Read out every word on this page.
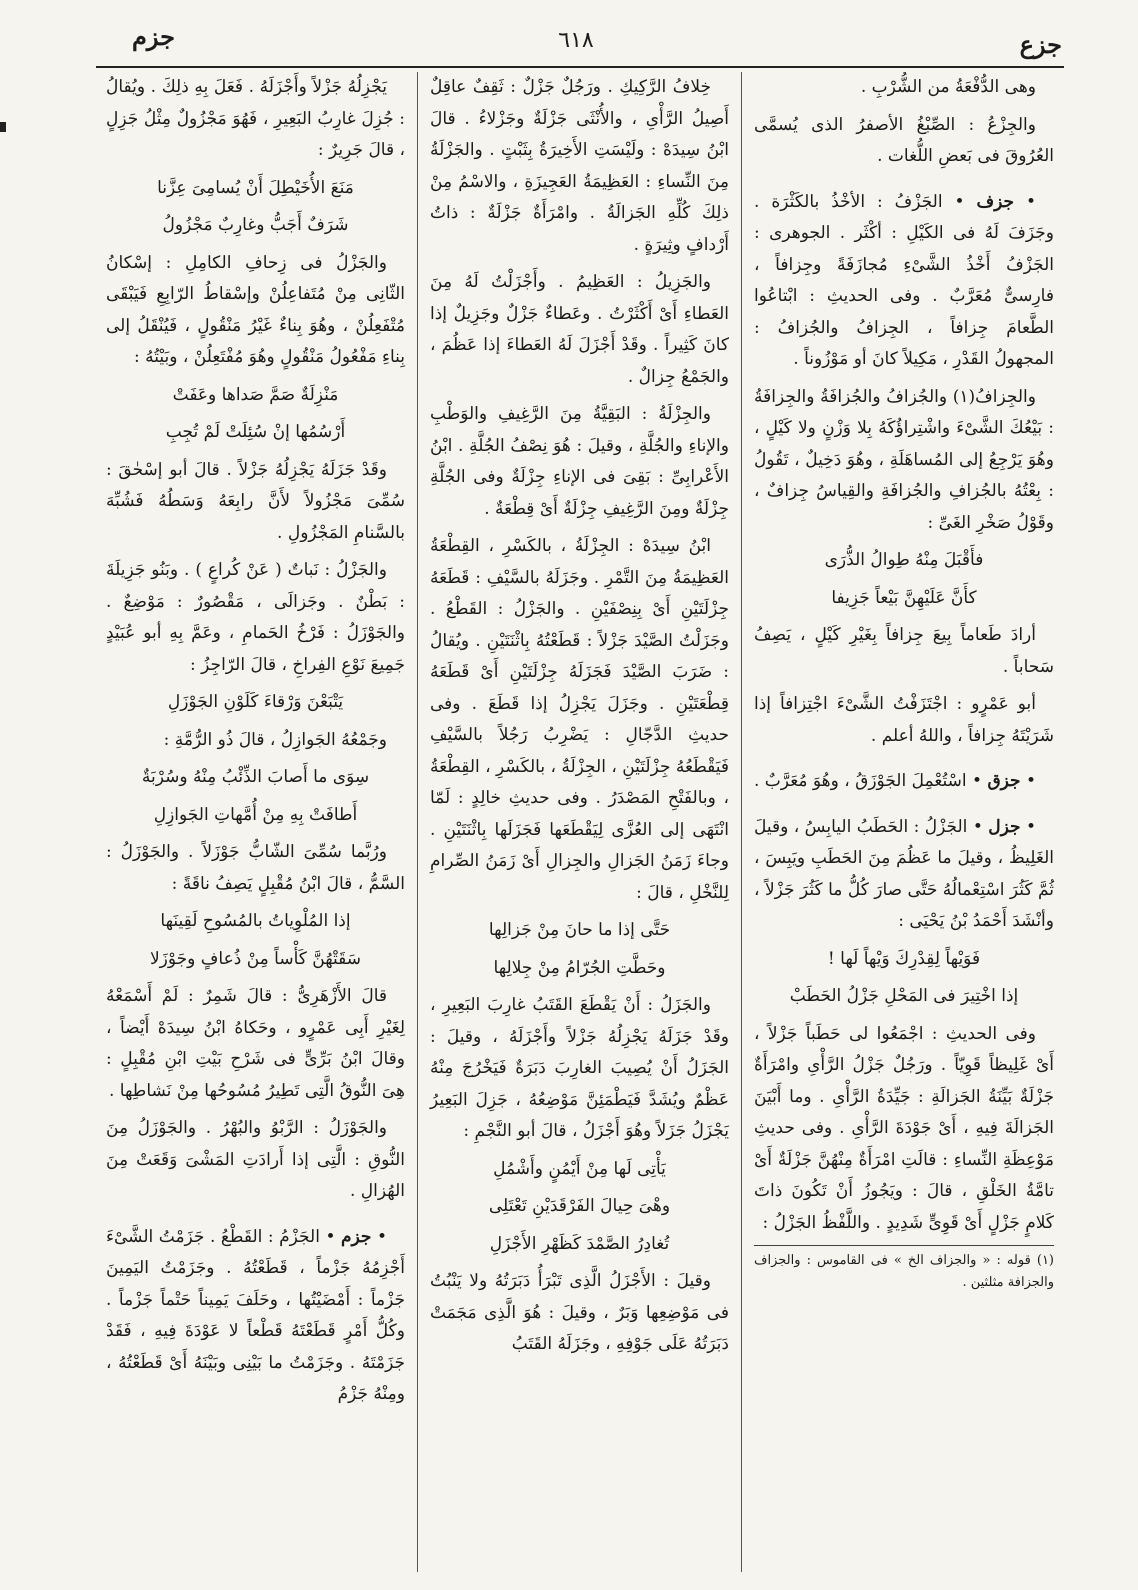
جزع
٦١٨
جزم

وهى الدُّفْعَةُ من الشُّرْبِ .

والجِزْعُ : الصِّبْغُ الأصفرُ الذى يُسمَّى العُرُوقَ فى بَعضِ اللُّغات .

• جزف • الجَزْفُ : الأخْذُ بالكَثْرَة . وجَزَفَ لَهُ فى الكَيْلِ : أكْثَر . الجوهرى : الجَزْفُ أَخْذُ الشَّىْءِ مُجازَفَةً وجِزافاً ، فارِسىٌّ مُعَرَّبٌ . وفى الحديثِ : ابْتاعُوا الطَّعامَ جِزافاً ، الجِزافُ والجُزافُ : المجهولُ القَدْرِ ، مَكِيلاً كانَ أو مَوْزُوناً .

والجِزافُ(١) والجُزافُ والجُزافَةُ والجِزافَةُ : بَيْعُكَ الشَّىْءَ واشْتِراؤُكَهُ بِلا وَزْنٍ ولا كَيْلٍ ، وهُوَ يَرْجِعُ إلى المُساهَلَةِ ، وهُوَ دَخِيلٌ ، تَقُولُ : بِعْتُهُ بالجُزافِ والجُزافَةِ والقِياسُ جِزافٌ ، وقَوْلُ صَخْرِ الغَىِّ :

فأَقْبَلَ مِنْهُ طِوالُ الذُّرَى

كأَنَّ عَلَيْهِنَّ بَيْعاً جَزِيفا

أرادَ طَعاماً بِيعَ جِزافاً بِغَيْرِ كَيْلٍ ، يَصِفُ سَحاباً .

أبو عَمْرٍو : اجْتَزَفْتُ الشَّىْءَ اجْتِزافاً إذا شَرَيْتَهُ جِزافاً ، واللهُ أعلم .

• جزق • اسْتُعْمِلَ الجَوْزَقُ ، وهُوَ مُعَرَّبٌ .

• جزل • الجَزْلُ : الحَطَبُ اليابِسُ ، وقيلَ الغَلِيظُ ، وقيلَ ما عَظُمَ مِنَ الحَطَبِ ويَبِسَ ، ثُمَّ كَثُرَ اسْتِعْمالُهُ حَتَّى صارَ كُلُّ ما كَثُرَ جَزْلاً ، وأنْشَدَ أَحْمَدُ بْنُ يَحْيَى :

فَوَيْهاً لِقِدْرِكَ وَيْهاً لَها !

إذا اخْتِيرَ فى المَحْلِ جَزْلُ الحَطَبْ

وفى الحديثِ : اجْمَعُوا لى حَطَباً جَزْلاً ، أَىْ غَلِيظاً قَوِيّاً . ورَجُلٌ جَزْلُ الرَّأْىِ وامْرَأَةٌ جَزْلَةٌ بَيِّنَةُ الجَزالَةِ : جَيِّدَةُ الرَّأْىِ . وما أَبْيَنَ الجَزالَةَ فِيهِ ، أَىْ جَوْدَةَ الرَّأْىِ . وفى حديثِ مَوْعِظَةِ النِّساءِ : قالَتِ امْرَأَةٌ مِنْهُنَّ جَزْلَةٌ أَىْ تامَّةُ الخَلْقِ ، قالَ : ويَجُوزُ أَنْ تَكُونَ ذاتَ كَلامٍ جَزْلٍ أَىْ قَوِىٍّ شَدِيدٍ . واللَّفْظُ الجَزْلُ :

(١) قوله : « والجزاف الخ » فى القاموس : والجزاف والجزافة مثلثين .

خِلافُ الرَّكِيكِ . ورَجُلٌ جَزْلٌ : ثَقِفٌ عاقِلٌ أَصِيلُ الرَّأْىِ ، والأُنْثَى جَزْلَةٌ وجَزْلاءُ . قالَ ابْنُ سِيدَهْ : ولَيْسَتِ الأَخِيرَةُ بِثَبْتٍ . والجَزْلَةُ مِنَ النِّساءِ : العَظِيمَةُ العَجِيزَةِ ، والاسْمُ مِنْ ذلِكَ كُلِّهِ الجَزالَةُ . وامْرَأَةٌ جَزْلَةٌ : ذاتُ أَرْدافٍ وثِيرَةٍ .

والجَزِيلُ : العَظِيمُ . وأَجْزَلْتُ لَهُ مِنَ العَطاءِ أَىْ أَكْثَرْتُ . وعَطاءٌ جَزْلٌ وجَزِيلٌ إذا كانَ كَثِيراً . وقَدْ أَجْزَلَ لَهُ العَطاءَ إذا عَظُمَ ، والجَمْعُ جِزالٌ .

والجِزْلَةُ : البَقِيَّةُ مِنَ الرَّغِيفِ والوَطْبِ والإناءِ والجُلَّةِ ، وقيلَ : هُوَ نِصْفُ الجُلَّةِ . ابْنُ الأَعْرابِىِّ : بَقِىَ فى الإناءِ جِزْلَةٌ وفى الجُلَّةِ جِزْلَةٌ ومِنَ الرَّغِيفِ جِزْلَةٌ أَىْ قِطْعَةٌ .

ابْنُ سِيدَهْ : الجِزْلَةُ ، بالكَسْرِ ، القِطْعَةُ العَظِيمَةُ مِنَ التَّمْرِ . وجَزَلَهُ بالسَّيْفِ : قَطَعَهُ جِزْلَتَيْنِ أَىْ بِنِصْفَيْنِ . والجَزْلُ : القَطْعُ . وجَزَلْتُ الصَّيْدَ جَزْلاً : قَطَعْتُهُ بِاثْنَتَيْنِ . ويُقالُ : ضَرَبَ الصَّيْدَ فَجَزَلَهُ جِزْلَتَيْنِ أَىْ قَطَعَهُ قِطْعَتَيْنِ . وجَزَلَ يَجْزِلُ إذا قَطَعَ . وفى حديثِ الدَّجّالِ : يَضْرِبُ رَجُلاً بالسَّيْفِ فَيَقْطَعُهُ جِزْلَتَيْنِ ، الجِزْلَةُ ، بالكَسْرِ ، القِطْعَةُ ، وبالفَتْحِ المَصْدَرُ . وفى حديثِ خالِدٍ : لَمّا انْتَهَى إلى العُزَّى لِيَقْطَعَها فَجَزَلَها بِاثْنَتَيْنِ . وجاءَ زَمَنُ الجَزالِ والجِزالِ أَىْ زَمَنُ الصِّرامِ لِلنَّخْلِ ، قالَ :

حَتَّى إذا ما حانَ مِنْ جَزالِها

وحَطَّتِ الجُرّامُ مِنْ جِلالِها

والجَزَلُ : أَنْ يَقْطَعَ القَتَبُ غارِبَ البَعِيرِ ، وقَدْ جَزَلَهُ يَجْزِلُهُ جَزْلاً وأَجْزَلَهُ ، وقيلَ : الجَزَلُ أَنْ يُصِيبَ الغارِبَ دَبَرَةٌ فَيَخْرُجَ مِنْهُ عَظْمٌ ويُشَدَّ فَيَطْمَئِنَّ مَوْضِعُهُ ، جَزِلَ البَعِيرُ يَجْزَلُ جَزَلاً وهُوَ أَجْزَلُ ، قالَ أبو النَّجْمِ :

يَأْتِى لَها مِنْ أَيْمُنٍ وأَشْمُلِ

وهْىَ حِيالَ الفَرْقَدَيْنِ تَعْتَلِى

تُغادِرُ الصَّمْدَ كَظَهْرِ الأَجْزَلِ

وقيلَ : الأَجْزَلُ الَّذِى تَبْرَأُ دَبَرَتُهُ ولا يَنْبُتُ فى مَوْضِعِها وَبَرٌ ، وقيلَ : هُوَ الَّذِى مَجَمَتْ دَبَرَتُهُ عَلَى جَوْفِهِ ، وجَزَلَهُ القَتَبُ

يَجْزِلُهُ جَزْلاً وأَجْزَلَهُ . فَعَلَ بِهِ ذلِكَ . ويُقالُ : جُزِلَ غارِبُ البَعِيرِ ، فَهُوَ مَجْزُولٌ مِثْلُ جَزِلٍ ، قالَ جَرِيرٌ :

مَنَعَ الأُخَيْطِلَ أَنْ يُسامِىَ عِزَّنا

شَرَفٌ أَجَبُّ وغارِبٌ مَجْزُولُ

والجَزْلُ فى زِحافِ الكامِلِ : إسْكانُ الثّانِى مِنْ مُتَفاعِلُنْ وإسْقاطُ الرّابِعِ فَيَبْقَى مُتْفَعِلُنْ ، وهُوَ بِناءٌ غَيْرُ مَنْقُولٍ ، فَيُنْقَلُ إلى بِناءِ مَفْعُولُ مَنْقُولٍ وهُوَ مُفْتَعِلُنْ ، وبَيْتُهُ :

مَنْزِلَةٌ صَمَّ صَداها وعَفَتْ

أَرْسُمُها إنْ سُئِلَتْ لَمْ تُجِبِ

وقَدْ جَزَلَهُ يَجْزِلُهُ جَزْلاً . قالَ أبو إسْحٰقَ : سُمِّىَ مَجْزُولاً لأَنَّ رابِعَهُ وَسَطُهُ فَشُبِّهَ بالسَّنامِ المَجْزُولِ .

والجَزْلُ : نَباتٌ ( عَنْ كُراعٍ ) . وبَنُو جَزِيلَةَ : بَطْنٌ . وجَزالَى ، مَقْصُورٌ : مَوْضِعٌ . والجَوْزَلُ : فَرْخُ الحَمامِ ، وعَمَّ بِهِ أبو عُبَيْدٍ جَمِيعَ نَوْعِ الفِراخِ ، قالَ الرّاجِزُ :

يَتْبَعْنَ وَرْقاءَ كَلَوْنِ الجَوْزَلِ

وجَمْعُهُ الجَوازِلُ ، قالَ ذُو الرُّمَّةِ :

سِوَى ما أَصابَ الذِّئْبُ مِنْهُ وسُرْبَةٌ

أَطافَتْ بِهِ مِنْ أُمَّهاتِ الجَوازِلِ

ورُبَّما سُمِّىَ الشّابُّ جَوْزَلاً . والجَوْزَلُ : السَّمُّ ، قالَ ابْنُ مُقْبِلٍ يَصِفُ ناقَةً :

إذا المُلْوِياتُ بالمُسُوحِ لَقِينَها

سَقَتْهُنَّ كَأْساً مِنْ ذُعافٍ وجَوْزَلا

قالَ الأَزْهَرِىُّ : قالَ شَمِرٌ : لَمْ أَسْمَعْهُ لِغَيْرِ أَبِى عَمْرٍو ، وحَكاهُ ابْنُ سِيدَهْ أَيْضاً ، وقالَ ابْنُ بَرِّىٍّ فى شَرْحِ بَيْتِ ابْنِ مُقْبِلٍ : هِىَ النُّوقُ الَّتِى تَطِيرُ مُسُوحُها مِنْ نَشاطِها .

والجَوْزَلُ : الرَّبْوُ والبُهْرُ . والجَوْزَلُ مِنَ النُّوقِ : الَّتِى إذا أَرادَتِ المَشْىَ وَقَعَتْ مِنَ الهُزالِ .

• جزم • الجَزْمُ : القَطْعُ . جَزَمْتُ الشَّىْءَ أَجْزِمُهُ جَزْماً ، قَطَعْتُهُ . وجَزَمْتُ اليَمِينَ جَزْماً : أَمْضَيْتُها ، وحَلَفَ يَمِيناً حَتْماً جَزْماً . وكُلُّ أَمْرٍ قَطَعْتَهُ قَطْعاً لا عَوْدَةَ فِيهِ ، فَقَدْ جَزَمْتَهُ . وجَزَمْتُ ما بَيْنِى وبَيْنَهُ أَىْ قَطَعْتُهُ ، ومِنْهُ جَزْمُ
